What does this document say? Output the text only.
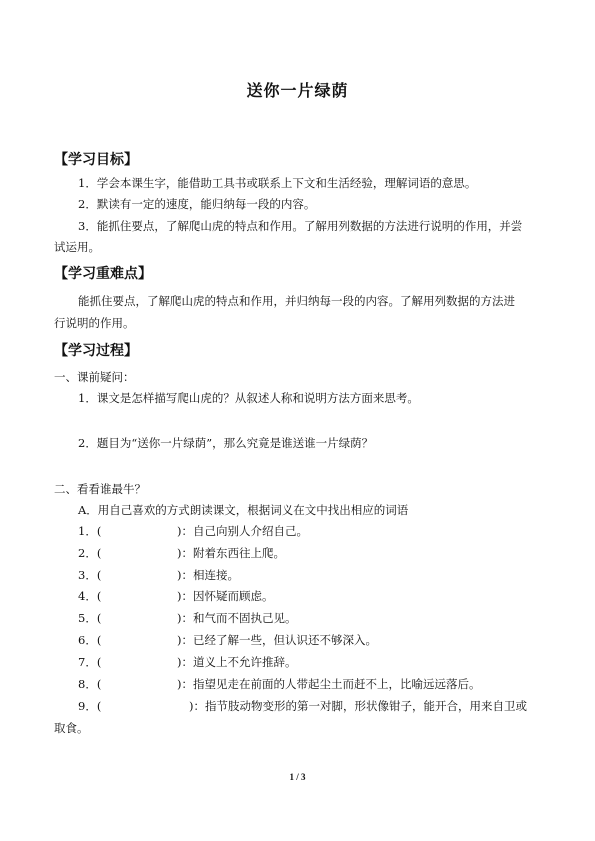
送你一片绿荫
【学习目标】
1．学会本课生字，能借助工具书或联系上下文和生活经验，理解词语的意思。
2．默读有一定的速度，能归纳每一段的内容。
3．能抓住要点，了解爬山虎的特点和作用。了解用列数据的方法进行说明的作用，并尝
试运用。
【学习重难点】
能抓住要点，了解爬山虎的特点和作用，并归纳每一段的内容。了解用列数据的方法进
行说明的作用。
【学习过程】
一、课前疑问：
1．课文是怎样描写爬山虎的？从叙述人称和说明方法方面来思考。
2．题目为“送你一片绿荫”，那么究竟是谁送谁一片绿荫？
二、看看谁最牛？
A．用自己喜欢的方式朗读课文，根据词义在文中找出相应的词语
1．(	)：自己向别人介绍自己。
2．(	)：附着东西往上爬。
3．(	)：相连接。
4．(	)：因怀疑而顾虑。
5．(	)：和气而不固执己见。
6．(	)：已经了解一些，但认识还不够深入。
7．(	)：道义上不允许推辞。
8．(	)：指望见走在前面的人带起尘土而赶不上，比喻远远落后。
9．(	)：指节肢动物变形的第一对脚，形状像钳子，能开合，用来自卫或
取食。
1 / 3
